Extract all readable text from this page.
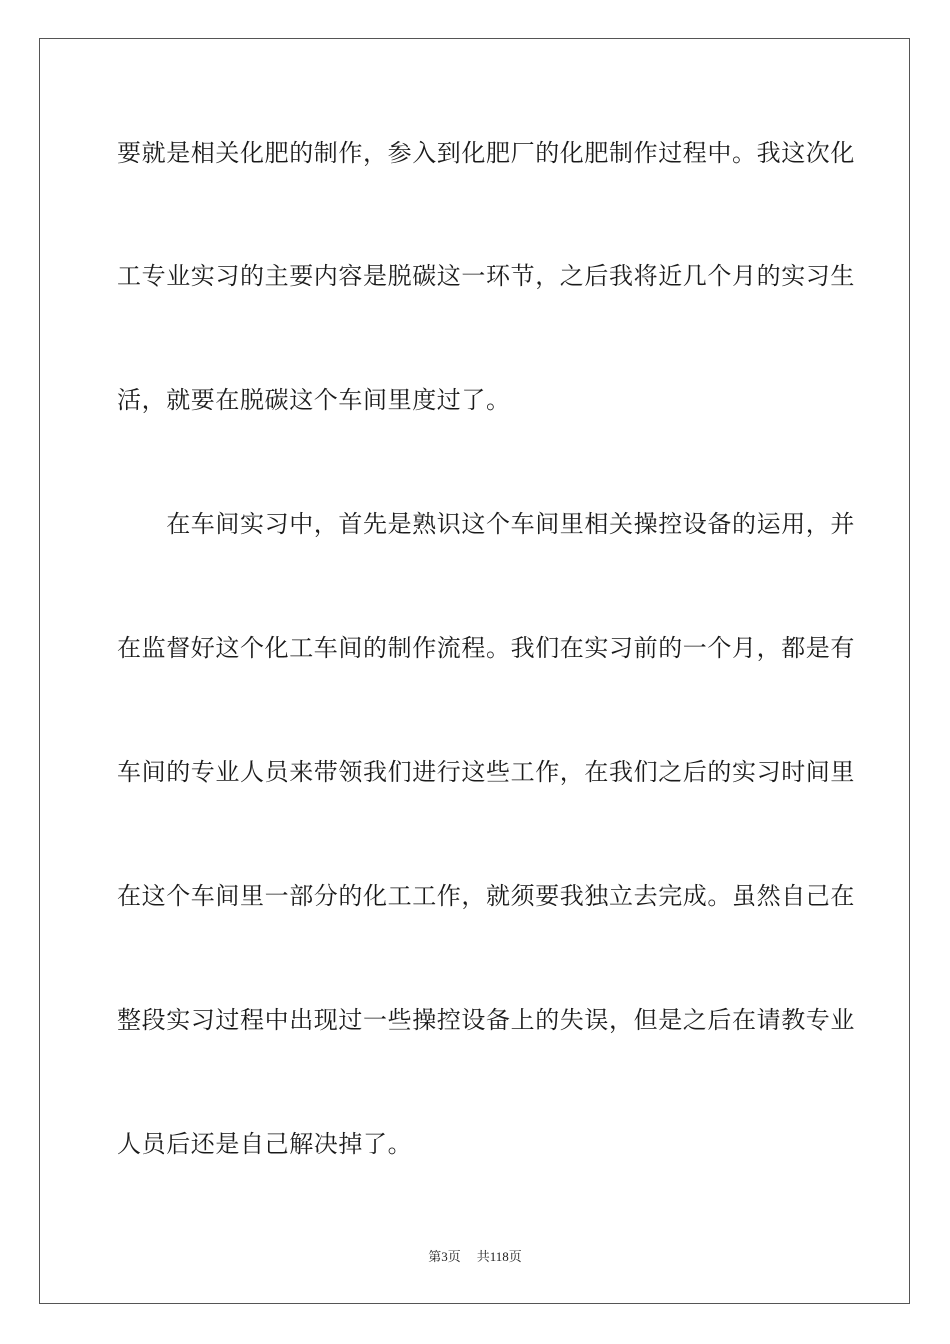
要就是相关化肥的制作，参入到化肥厂的化肥制作过程中。我这次化
工专业实习的主要内容是脱碳这一环节，之后我将近几个月的实习生
活，就要在脱碳这个车间里度过了。
　　在车间实习中，首先是熟识这个车间里相关操控设备的运用，并
在监督好这个化工车间的制作流程。我们在实习前的一个月，都是有
车间的专业人员来带领我们进行这些工作，在我们之后的实习时间里
在这个车间里一部分的化工工作，就须要我独立去完成。虽然自己在
整段实习过程中出现过一些操控设备上的失误，但是之后在请教专业
人员后还是自己解决掉了。
第3页 共118页
